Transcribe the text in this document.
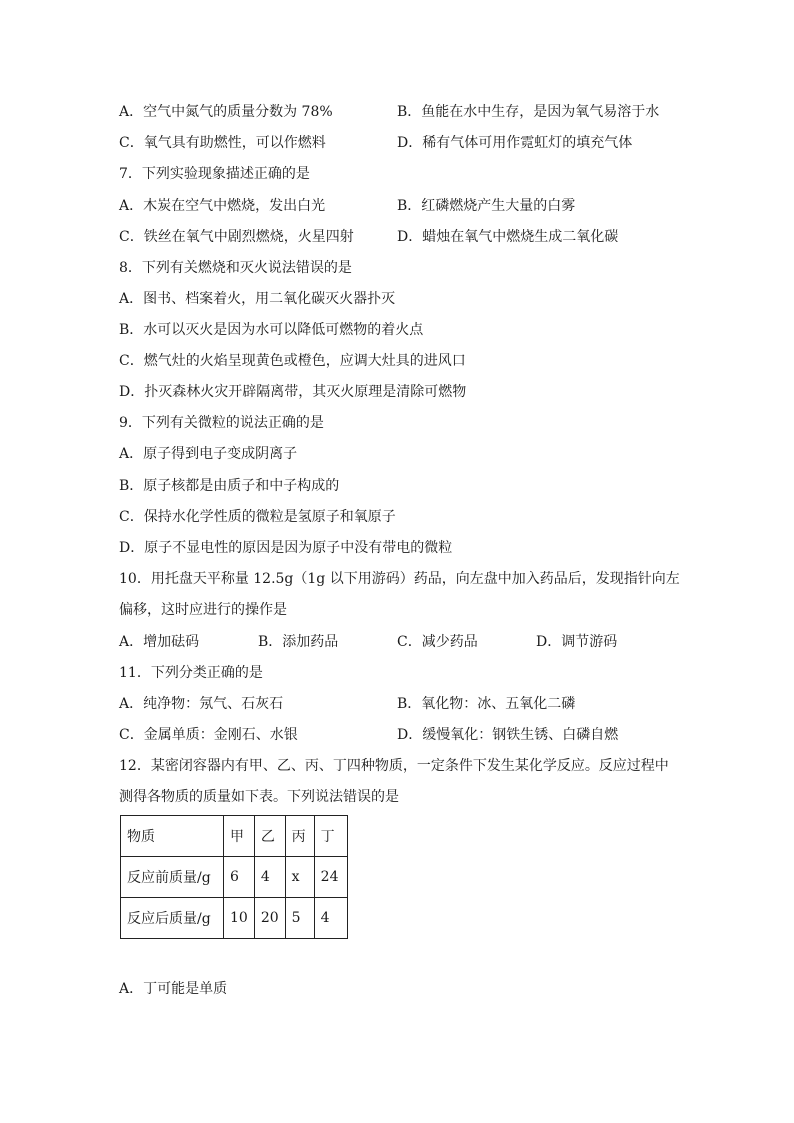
A．空气中氮气的质量分数为 78%	B．鱼能在水中生存，是因为氧气易溶于水
C．氧气具有助燃性，可以作燃料	D．稀有气体可用作霓虹灯的填充气体
7．下列实验现象描述正确的是
A．木炭在空气中燃烧，发出白光	B．红磷燃烧产生大量的白雾
C．铁丝在氧气中剧烈燃烧，火星四射	D．蜡烛在氧气中燃烧生成二氧化碳
8．下列有关燃烧和灭火说法错误的是
A．图书、档案着火，用二氧化碳灭火器扑灭
B．水可以灭火是因为水可以降低可燃物的着火点
C．燃气灶的火焰呈现黄色或橙色，应调大灶具的进风口
D．扑灭森林火灾开辟隔离带，其灭火原理是清除可燃物
9．下列有关微粒的说法正确的是
A．原子得到电子变成阴离子
B．原子核都是由质子和中子构成的
C．保持水化学性质的微粒是氢原子和氧原子
D．原子不显电性的原因是因为原子中没有带电的微粒
10．用托盘天平称量 12.5g（1g 以下用游码）药品，向左盘中加入药品后，发现指针向左
偏移，这时应进行的操作是
A．增加砝码	B．添加药品	C．减少药品	D．调节游码
11．下列分类正确的是
A．纯净物：氖气、石灰石	B．氧化物：冰、五氧化二磷
C．金属单质：金刚石、水银	D．缓慢氧化：钢铁生锈、白磷自燃
12．某密闭容器内有甲、乙、丙、丁四种物质，一定条件下发生某化学反应。反应过程中
测得各物质的质量如下表。下列说法错误的是
物质	甲	乙	丙	丁
反应前质量/g	6	4	x	24
反应后质量/g	10	20	5	4
A．丁可能是单质
